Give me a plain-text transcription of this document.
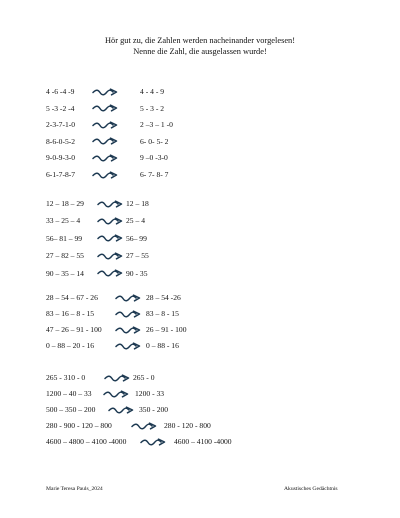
Hör gut zu, die Zahlen werden nacheinander vorgelesen!
Nenne die Zahl, die ausgelassen wurde!
4 -6 -4 -9	4 - 4 - 9
5 -3 -2 -4	5 - 3 - 2
2-3-7-1-0	2 –3 – 1 -0
8-6-0-5-2	6- 0- 5- 2
9-0-9-3-0	9 –0 -3-0
6-1-7-8-7	6- 7- 8- 7
12 – 18 – 29	12 – 18
33 – 25 – 4	25 – 4
56– 81 – 99	56– 99
27 – 82 – 55	27 – 55
90 – 35 – 14	90 - 35
28 – 54 – 67 - 26	28 – 54 -26
83 – 16 – 8 - 15	83 – 8 - 15
47 – 26 – 91 - 100	26 – 91 - 100
0 – 88 – 20 - 16	0 – 88 - 16
265 - 310 - 0	265 - 0
1200 – 40 – 33	1200 - 33
500 – 350 – 200	350 - 200
280 - 900 - 120 – 800	280 - 120 - 800
4600 – 4800 – 4100 -4000	4600 – 4100 -4000
Marie Teresa Pauls_2024	Akustisches Gedächtnis
